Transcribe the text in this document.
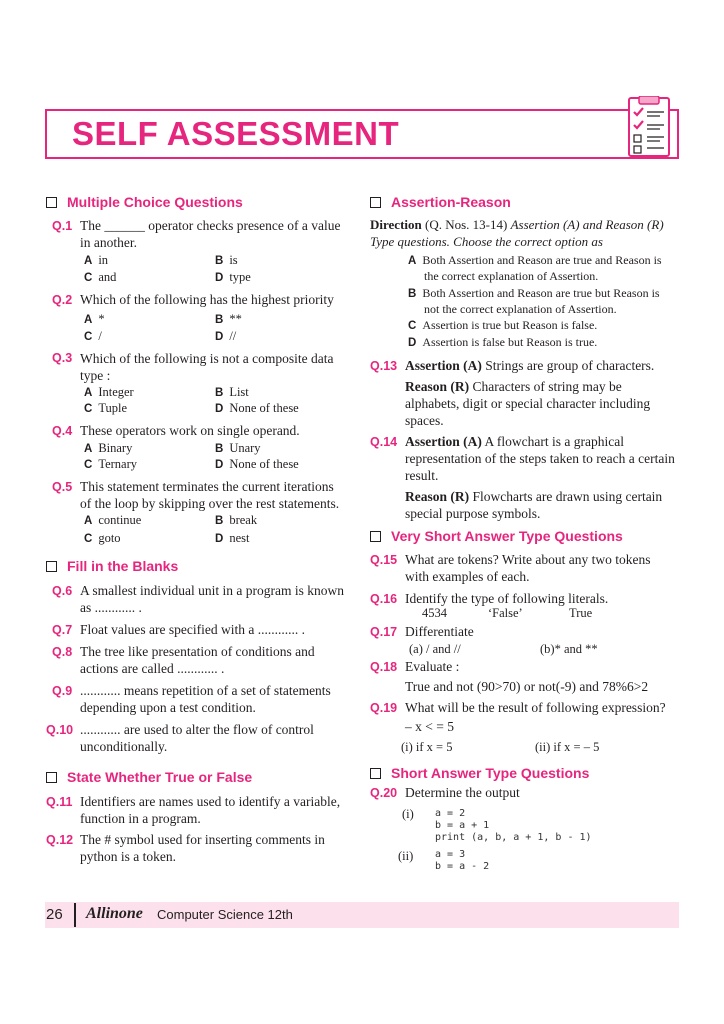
SELF ASSESSMENT
Multiple Choice Questions
Q.1 The ______ operator checks presence of a value
in another.
A in	B is
C and	D type
Q.2 Which of the following has the highest priority
A *	B **
C /	D //
Q.3 Which of the following is not a composite data
type :
A Integer	B List
C Tuple	D None of these
Q.4 These operators work on single operand.
A Binary	B Unary
C Ternary	D None of these
Q.5 This statement terminates the current iterations
of the loop by skipping over the rest statements.
A continue	B break
C goto	D nest
Fill in the Blanks
Q.6 A smallest individual unit in a program is known
as ............ .
Q.7 Float values are specified with a ............ .
Q.8 The tree like presentation of conditions and
actions are called ............ .
Q.9 ............ means repetition of a set of statements
depending upon a test condition.
Q.10 ............ are used to alter the flow of control
unconditionally.
State Whether True or False
Q.11 Identifiers are names used to identify a variable,
function in a program.
Q.12 The # symbol used for inserting comments in
python is a token.
Assertion-Reason
Direction (Q. Nos. 13-14) Assertion (A) and Reason (R)
Type questions. Choose the correct option as
A Both Assertion and Reason are true and Reason is
the correct explanation of Assertion.
B Both Assertion and Reason are true but Reason is
not the correct explanation of Assertion.
C Assertion is true but Reason is false.
D Assertion is false but Reason is true.
Q.13 Assertion (A) Strings are group of characters.
Reason (R) Characters of string may be
alphabets, digit or special character including
spaces.
Q.14 Assertion (A) A flowchart is a graphical
representation of the steps taken to reach a certain
result.
Reason (R) Flowcharts are drawn using certain
special purpose symbols.
Very Short Answer Type Questions
Q.15 What are tokens? Write about any two tokens
with examples of each.
Q.16 Identify the type of following literals.
4534	‘False’	True
Q.17 Differentiate
(a) / and //	(b)* and **
Q.18 Evaluate :
True and not (90>70) or not(-9) and 78%6>2
Q.19 What will be the result of following expression?
– x < = 5
(i) if x = 5	(ii) if x = – 5
Short Answer Type Questions
Q.20 Determine the output
(i) a = 2
b = a + 1
print (a, b, a + 1, b - 1)
(ii) a = 3
b = a - 2
26 Allinone Computer Science 12th
